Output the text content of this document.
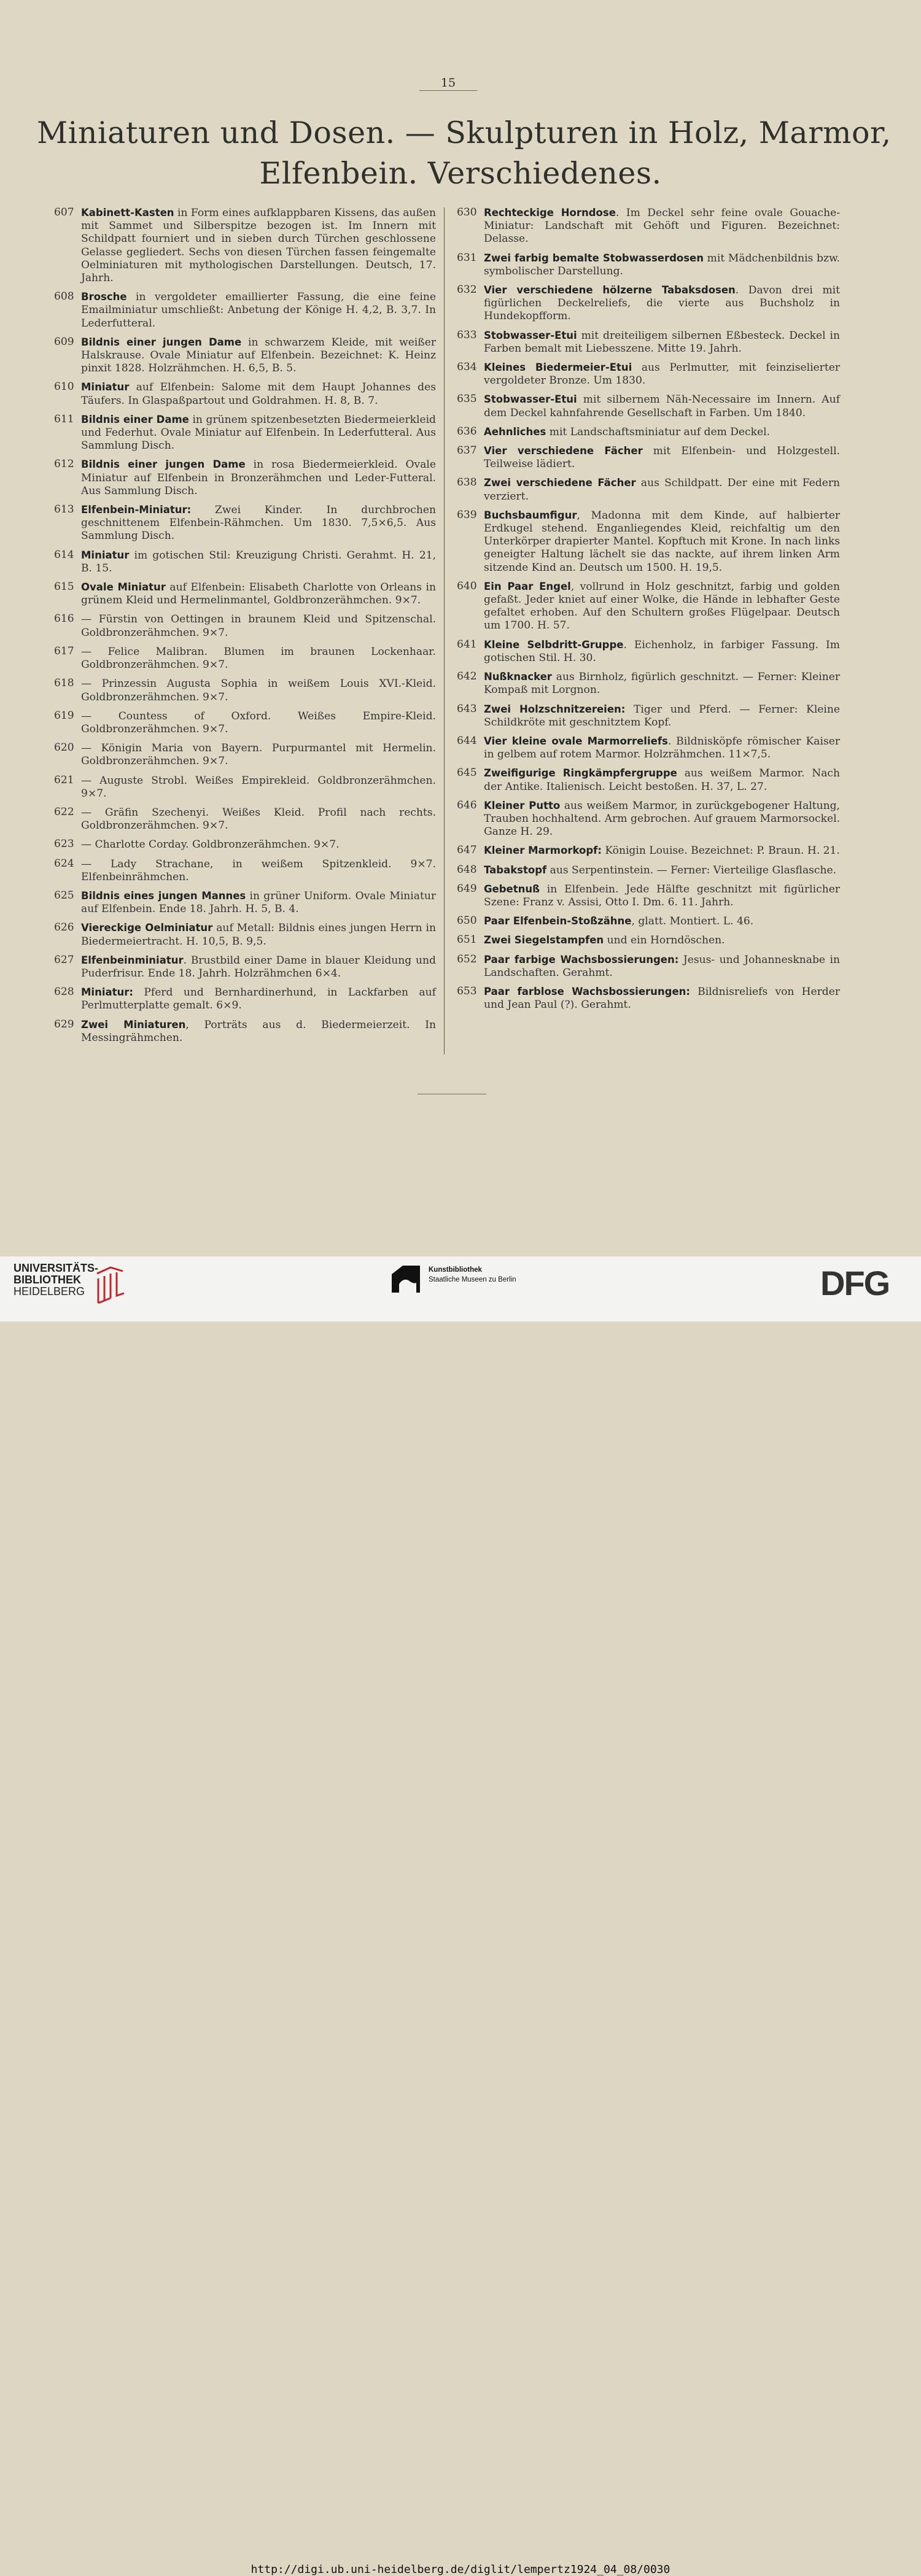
15
Miniaturen und Dosen. — Skulpturen in Holz, Marmor,
Elfenbein. Verschiedenes.
607 Kabinett-Kasten in Form eines aufklappbaren Kissens, das außen mit Sammet und Silberspitze bezogen ist. Im Innern mit Schildpatt fourniert und in sieben durch Türchen geschlossene Gelasse gegliedert. Sechs von diesen Türchen fassen feingemalte Oelminiaturen mit mythologischen Darstellungen. Deutsch, 17. Jahrh.
608 Brosche in vergoldeter emaillierter Fassung, die eine feine Emailminiatur umschließt: Anbetung der Könige H. 4,2, B. 3,7. In Lederfutteral.
609 Bildnis einer jungen Dame in schwarzem Kleide, mit weißer Halskrause. Ovale Miniatur auf Elfenbein. Bezeichnet: K. Heinz pinxit 1828. Holzrähmchen. H. 6,5, B. 5.
610 Miniatur auf Elfenbein: Salome mit dem Haupt Johannes des Täufers. In Glaspaßpartout und Goldrahmen. H. 8, B. 7.
611 Bildnis einer Dame in grünem spitzenbesetzten Biedermeierkleid und Federhut. Ovale Miniatur auf Elfenbein. In Lederfutteral. Aus Sammlung Disch.
612 Bildnis einer jungen Dame in rosa Biedermeierkleid. Ovale Miniatur auf Elfenbein in Bronzerähmchen und Leder-Futteral. Aus Sammlung Disch.
613 Elfenbein-Miniatur: Zwei Kinder. In durchbrochen geschnittenem Elfenbein-Rähmchen. Um 1830. 7,5×6,5. Aus Sammlung Disch.
614 Miniatur im gotischen Stil: Kreuzigung Christi. Gerahmt. H. 21, B. 15.
615 Ovale Miniatur auf Elfenbein: Elisabeth Charlotte von Orleans in grünem Kleid und Hermelinmantel, Goldbronzerähmchen. 9×7.
616 — Fürstin von Oettingen in braunem Kleid und Spitzenschal. Goldbronzerähmchen. 9×7.
617 — Felice Malibran. Blumen im braunen Lockenhaar. Goldbronzerähmchen. 9×7.
618 — Prinzessin Augusta Sophia in weißem Louis XVI.-Kleid. Goldbronzerähmchen. 9×7.
619 — Countess of Oxford. Weißes Empire-Kleid. Goldbronzerähmchen. 9×7.
620 — Königin Maria von Bayern. Purpurmantel mit Hermelin. Goldbronzerähmchen. 9×7.
621 — Auguste Strobl. Weißes Empirekleid. Goldbronzerähmchen. 9×7.
622 — Gräfin Szechenyi. Weißes Kleid. Profil nach rechts. Goldbronzerähmchen. 9×7.
623 — Charlotte Corday. Goldbronzerähmchen. 9×7.
624 — Lady Strachane, in weißem Spitzenkleid. 9×7. Elfenbeinrähmchen.
625 Bildnis eines jungen Mannes in grüner Uniform. Ovale Miniatur auf Elfenbein. Ende 18. Jahrh. H. 5, B. 4.
626 Viereckige Oelminiatur auf Metall: Bildnis eines jungen Herrn in Biedermeiertracht. H. 10,5, B. 9,5.
627 Elfenbeinminiatur. Brustbild einer Dame in blauer Kleidung und Puderfrisur. Ende 18. Jahrh. Holzrähmchen 6×4.
628 Miniatur: Pferd und Bernhardinerhund, in Lackfarben auf Perlmutterplatte gemalt. 6×9.
629 Zwei Miniaturen, Porträts aus d. Biedermeierzeit. In Messingrähmchen.
630 Rechteckige Horndose. Im Deckel sehr feine ovale Gouache-Miniatur: Landschaft mit Gehöft und Figuren. Bezeichnet: Delasse.
631 Zwei farbig bemalte Stobwasserdosen mit Mädchenbildnis bzw. symbolischer Darstellung.
632 Vier verschiedene hölzerne Tabaksdosen. Davon drei mit figürlichen Deckelreliefs, die vierte aus Buchsholz in Hundekopfform.
633 Stobwasser-Etui mit dreiteiligem silbernen Eßbesteck. Deckel in Farben bemalt mit Liebesszene. Mitte 19. Jahrh.
634 Kleines Biedermeier-Etui aus Perlmutter, mit feinziselierter vergoldeter Bronze. Um 1830.
635 Stobwasser-Etui mit silbernem Näh-Necessaire im Innern. Auf dem Deckel kahnfahrende Gesellschaft in Farben. Um 1840.
636 Aehnliches mit Landschaftsminiatur auf dem Deckel.
637 Vier verschiedene Fächer mit Elfenbein- und Holzgestell. Teilweise lädiert.
638 Zwei verschiedene Fächer aus Schildpatt. Der eine mit Federn verziert.
639 Buchsbaumfigur, Madonna mit dem Kinde, auf halbierter Erdkugel stehend. Enganliegendes Kleid, reichfaltig um den Unterkörper drapierter Mantel. Kopftuch mit Krone. In nach links geneigter Haltung lächelt sie das nackte, auf ihrem linken Arm sitzende Kind an. Deutsch um 1500. H. 19,5.
640 Ein Paar Engel, vollrund in Holz geschnitzt, farbig und golden gefaßt. Jeder kniet auf einer Wolke, die Hände in lebhafter Geste gefaltet erhoben. Auf den Schultern großes Flügelpaar. Deutsch um 1700. H. 57.
641 Kleine Selbdritt-Gruppe. Eichenholz, in farbiger Fassung. Im gotischen Stil. H. 30.
642 Nußknacker aus Birnholz, figürlich geschnitzt. — Ferner: Kleiner Kompaß mit Lorgnon.
643 Zwei Holzschnitzereien: Tiger und Pferd. — Ferner: Kleine Schildkröte mit geschnitztem Kopf.
644 Vier kleine ovale Marmorreliefs. Bildnisköpfe römischer Kaiser in gelbem auf rotem Marmor. Holzrähmchen. 11×7,5.
645 Zweifigurige Ringkämpfergruppe aus weißem Marmor. Nach der Antike. Italienisch. Leicht bestoßen. H. 37, L. 27.
646 Kleiner Putto aus weißem Marmor, in zurückgebogener Haltung, Trauben hochhaltend. Arm gebrochen. Auf grauem Marmorsockel. Ganze H. 29.
647 Kleiner Marmorkopf: Königin Louise. Bezeichnet: P. Braun. H. 21.
648 Tabakstopf aus Serpentinstein. — Ferner: Vierteilige Glasflasche.
649 Gebetnuß in Elfenbein. Jede Hälfte geschnitzt mit figürlicher Szene: Franz v. Assisi, Otto I. Dm. 6. 11. Jahrh.
650 Paar Elfenbein-Stoßzähne, glatt. Montiert. L. 46.
651 Zwei Siegelstampfen und ein Horndöschen.
652 Paar farbige Wachsbossierungen: Jesus- und Johannesknabe in Landschaften. Gerahmt.
653 Paar farblose Wachsbossierungen: Bildnisreliefs von Herder und Jean Paul (?). Gerahmt.
UNIVERSITÄTS-
BIBLIOTHEK
HEIDELBERG
Kunstbibliothek
Staatliche Museen zu Berlin	DFG
http://digi.ub.uni-heidelberg.de/diglit/lempertz1924_04_08/0030
